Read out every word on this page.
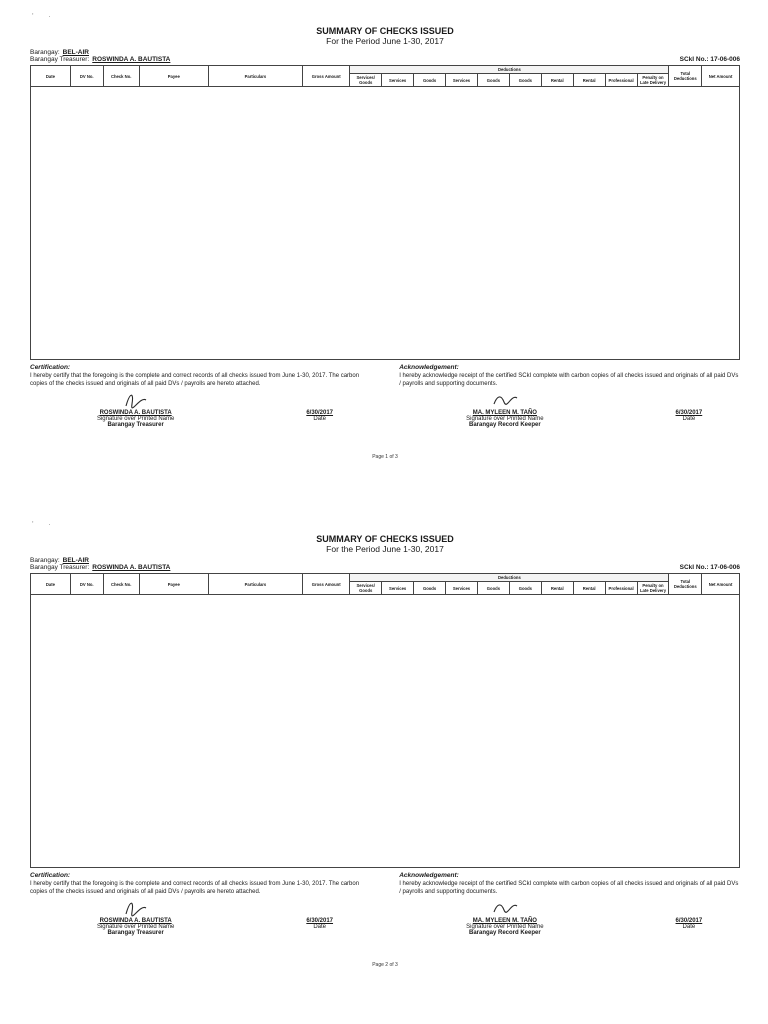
'   ·
SUMMARY OF CHECKS ISSUED
For the Period June 1-30, 2017
Barangay: BEL-AIR
Barangay Treasurer: ROSWINDA A. BAUTISTA	SCkI No.: 17-06-006
Date	DV No.	Check No.	Payee	Particulars	Gross Amount	Deductions										Total Deductions	Net Amount
						Services/ Goods	Services	Goods	Services	Goods	Goods	Rental	Rental	Professional	Penalty on Late Delivery		

Certification:
I hereby certify that the foregoing is the complete and correct records of all checks issued from June 1-30, 2017. The carbon copies of the checks issued and originals of all paid DVs / payrolls are hereto attached.
Acknowledgement:
I hereby acknowledge receipt of the certified SCkI complete with carbon copies of all checks issued and originals of all paid DVs / payrolls and supporting documents.
ROSWINDA A. BAUTISTA
Signature over Printed Name
Barangay Treasurer
6/30/2017
Date
MA. MYLEEN M. TAÑO
Signature over Printed Name
Barangay Record Keeper
6/30/2017
Date
Page 1 of 3
'   ·
SUMMARY OF CHECKS ISSUED
For the Period June 1-30, 2017
Barangay: BEL-AIR
Barangay Treasurer: ROSWINDA A. BAUTISTA	SCkI No.: 17-06-006
Date	DV No.	Check No.	Payee	Particulars	Gross Amount	Deductions										Total Deductions	Net Amount
						Services/ Goods	Services	Goods	Services	Goods	Goods	Rental	Rental	Professional	Penalty on Late Delivery		

Certification:
I hereby certify that the foregoing is the complete and correct records of all checks issued from June 1-30, 2017. The carbon copies of the checks issued and originals of all paid DVs / payrolls are hereto attached.
Acknowledgement:
I hereby acknowledge receipt of the certified SCkI complete with carbon copies of all checks issued and originals of all paid DVs / payrolls and supporting documents.
ROSWINDA A. BAUTISTA
Signature over Printed Name
Barangay Treasurer
6/30/2017
Date
MA. MYLEEN M. TAÑO
Signature over Printed Name
Barangay Record Keeper
6/30/2017
Date
Page 2 of 3
